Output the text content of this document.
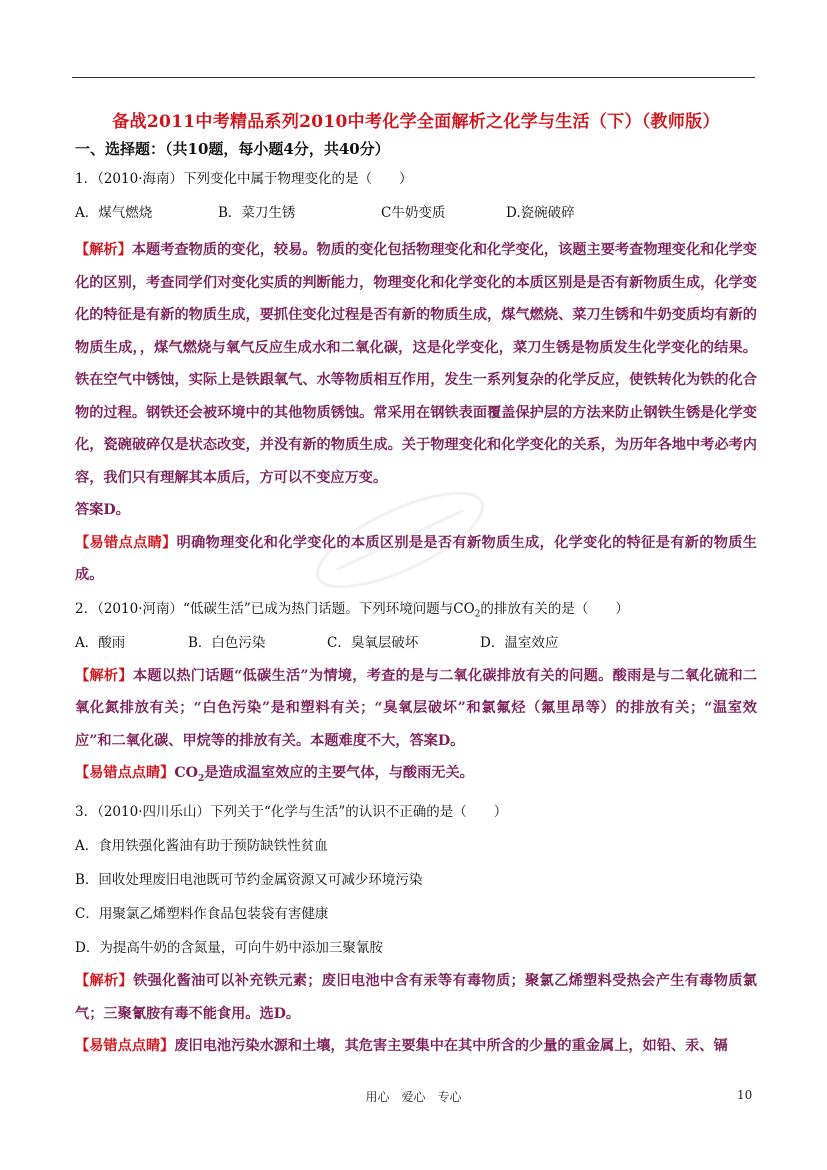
备战2011中考精品系列2010中考化学全面解析之化学与生活（下）（教师版）

一、选择题：（共10题，每小题4分，共40分）

1．（2010·海南）下列变化中属于物理变化的是（　　）

A．煤气燃烧	B．菜刀生锈	C牛奶变质	D.瓷碗破碎

【解析】本题考查物质的变化，较易。物质的变化包括物理变化和化学变化，该题主要考查物理变化和化学变化的区别，考查同学们对变化实质的判断能力，物理变化和化学变化的本质区别是是否有新物质生成，化学变化的特征是有新的物质生成，要抓住变化过程是否有新的物质生成，煤气燃烧、菜刀生锈和牛奶变质均有新的物质生成，，煤气燃烧与氧气反应生成水和二氧化碳，这是化学变化，菜刀生锈是物质发生化学变化的结果。铁在空气中锈蚀，实际上是铁跟氧气、水等物质相互作用，发生一系列复杂的化学反应，使铁转化为铁的化合物的过程。钢铁还会被环境中的其他物质锈蚀。常采用在钢铁表面覆盖保护层的方法来防止钢铁生锈是化学变化，瓷碗破碎仅是状态改变，并没有新的物质生成。关于物理变化和化学变化的关系，为历年各地中考必考内容，我们只有理解其本质后，方可以不变应万变。

答案D。

【易错点点睛】明确物理变化和化学变化的本质区别是是否有新物质生成，化学变化的特征是有新的物质生成。

2．（2010·河南）“低碳生活”已成为热门话题。下列环境问题与$CO_2$的排放有关的是（　　）

A．酸雨	B．白色污染	C．臭氧层破坏	D．温室效应

【解析】本题以热门话题“低碳生活”为情境，考查的是与二氧化碳排放有关的问题。酸雨是与二氧化硫和二氧化氮排放有关；“白色污染”是和塑料有关；“臭氧层破坏”和氯氟烃（氟里昂等）的排放有关；“温室效应”和二氧化碳、甲烷等的排放有关。本题难度不大，答案D。

【易错点点睛】$CO_2$是造成温室效应的主要气体，与酸雨无关。

3．（2010·四川乐山）下列关于“化学与生活”的认识不正确的是（　　）

A．食用铁强化酱油有助于预防缺铁性贫血

B．回收处理废旧电池既可节约金属资源又可减少环境污染

C．用聚氯乙烯塑料作食品包装袋有害健康

D．为提高牛奶的含氮量，可向牛奶中添加三聚氰胺

【解析】铁强化酱油可以补充铁元素；废旧电池中含有汞等有毒物质；聚氯乙烯塑料受热会产生有毒物质氯气；三聚氰胺有毒不能食用。选D。

【易错点点睛】废旧电池污染水源和土壤，其危害主要集中在其中所含的少量的重金属上，如铅、汞、镉

用心　爱心　专心	10
